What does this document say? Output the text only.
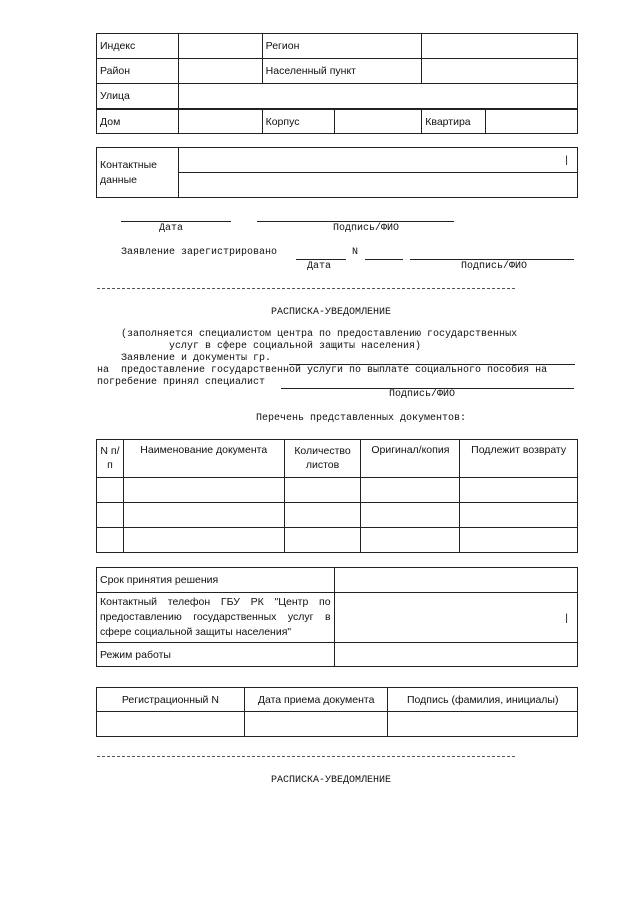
Индекс		Регион	
Район		Населенный пункт	
Улица			
Дом		Корпус		Квартира	
Контактные данные	|

Дата	Подпись/ФИО
Заявление зарегистрировано	N
Дата	Подпись/ФИО
РАСПИСКА-УВЕДОМЛЕНИЕ
(заполняется специалистом центра по предоставлению государственных
услуг в сфере социальной защиты населения)
Заявление и документы гр.
на предоставление государственной услуги по выплате социального пособия на
погребение принял специалист
Подпись/ФИО
Перечень представленных документов:
N п/п	Наименование документа	Количество листов	Оригинал/копия	Подлежит возврату

Срок принятия решения	
Контактный телефон ГБУ РК "Центр по предоставлению государственных услуг в сфере социальной защиты населения"	|
Режим работы	
Регистрационный N	Дата приема документа	Подпись (фамилия, инициалы)

РАСПИСКА-УВЕДОМЛЕНИЕ
